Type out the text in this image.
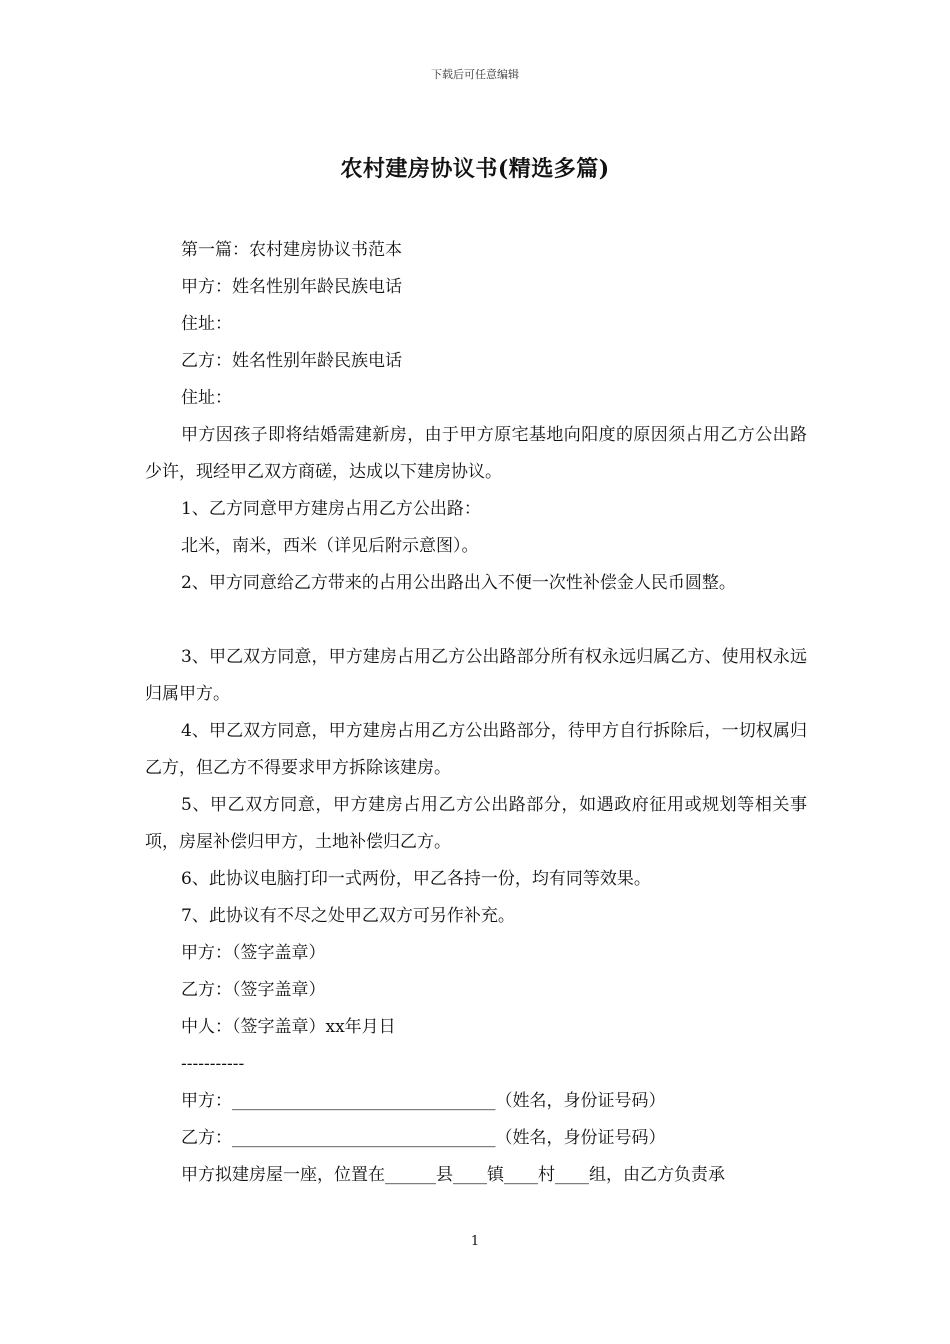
下载后可任意编辑
农村建房协议书(精选多篇)

第一篇：农村建房协议书范本

甲方：姓名性别年龄民族电话

住址：

乙方：姓名性别年龄民族电话

住址：

甲方因孩子即将结婚需建新房，由于甲方原宅基地向阳度的原因须占用乙方公出路少许，现经甲乙双方商磋，达成以下建房协议。

1、乙方同意甲方建房占用乙方公出路：

北米，南米，西米（详见后附示意图）。

2、甲方同意给乙方带来的占用公出路出入不便一次性补偿金人民币圆整。

3、甲乙双方同意，甲方建房占用乙方公出路部分所有权永远归属乙方、使用权永远归属甲方。

4、甲乙双方同意，甲方建房占用乙方公出路部分，待甲方自行拆除后，一切权属归乙方，但乙方不得要求甲方拆除该建房。

5、甲乙双方同意，甲方建房占用乙方公出路部分，如遇政府征用或规划等相关事项，房屋补偿归甲方，土地补偿归乙方。

6、此协议电脑打印一式两份，甲乙各持一份，均有同等效果。

7、此协议有不尽之处甲乙双方可另作补充。

甲方：（签字盖章）

乙方：（签字盖章）

中人：（签字盖章）xx年月日

-----------

甲方：_______________________________（姓名，身份证号码）

乙方：_______________________________（姓名，身份证号码）

甲方拟建房屋一座，位置在______县____镇____村____组，由乙方负责承

1
